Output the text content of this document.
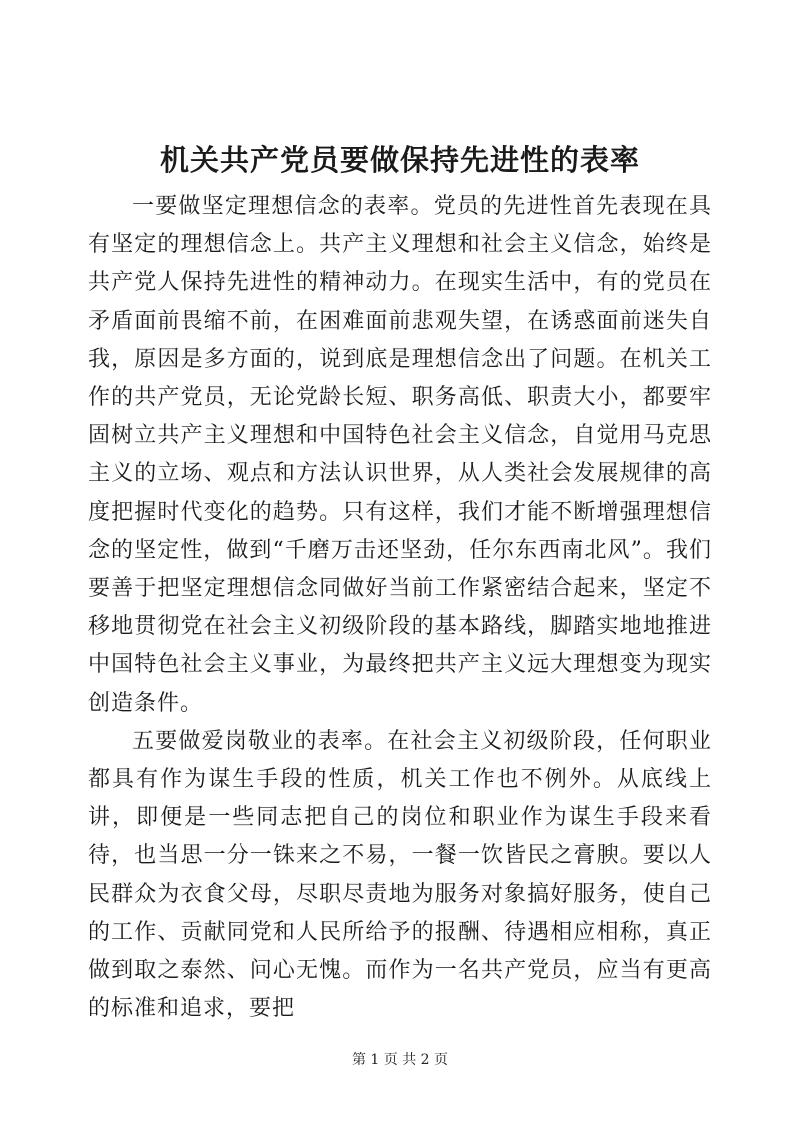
机关共产党员要做保持先进性的表率

一要做坚定理想信念的表率。党员的先进性首先表现在具有坚定的理想信念上。共产主义理想和社会主义信念，始终是共产党人保持先进性的精神动力。在现实生活中，有的党员在矛盾面前畏缩不前，在困难面前悲观失望，在诱惑面前迷失自我，原因是多方面的，说到底是理想信念出了问题。在机关工作的共产党员，无论党龄长短、职务高低、职责大小，都要牢固树立共产主义理想和中国特色社会主义信念，自觉用马克思主义的立场、观点和方法认识世界，从人类社会发展规律的高度把握时代变化的趋势。只有这样，我们才能不断增强理想信念的坚定性，做到“千磨万击还坚劲，任尔东西南北风”。我们要善于把坚定理想信念同做好当前工作紧密结合起来，坚定不移地贯彻党在社会主义初级阶段的基本路线，脚踏实地地推进中国特色社会主义事业，为最终把共产主义远大理想变为现实创造条件。

五要做爱岗敬业的表率。在社会主义初级阶段，任何职业都具有作为谋生手段的性质，机关工作也不例外。从底线上讲，即便是一些同志把自己的岗位和职业作为谋生手段来看待，也当思一分一铢来之不易，一餐一饮皆民之膏腴。要以人民群众为衣食父母，尽职尽责地为服务对象搞好服务，使自己的工作、贡献同党和人民所给予的报酬、待遇相应相称，真正做到取之泰然、问心无愧。而作为一名共产党员，应当有更高的标准和追求，要把

第 1 页 共 2 页
